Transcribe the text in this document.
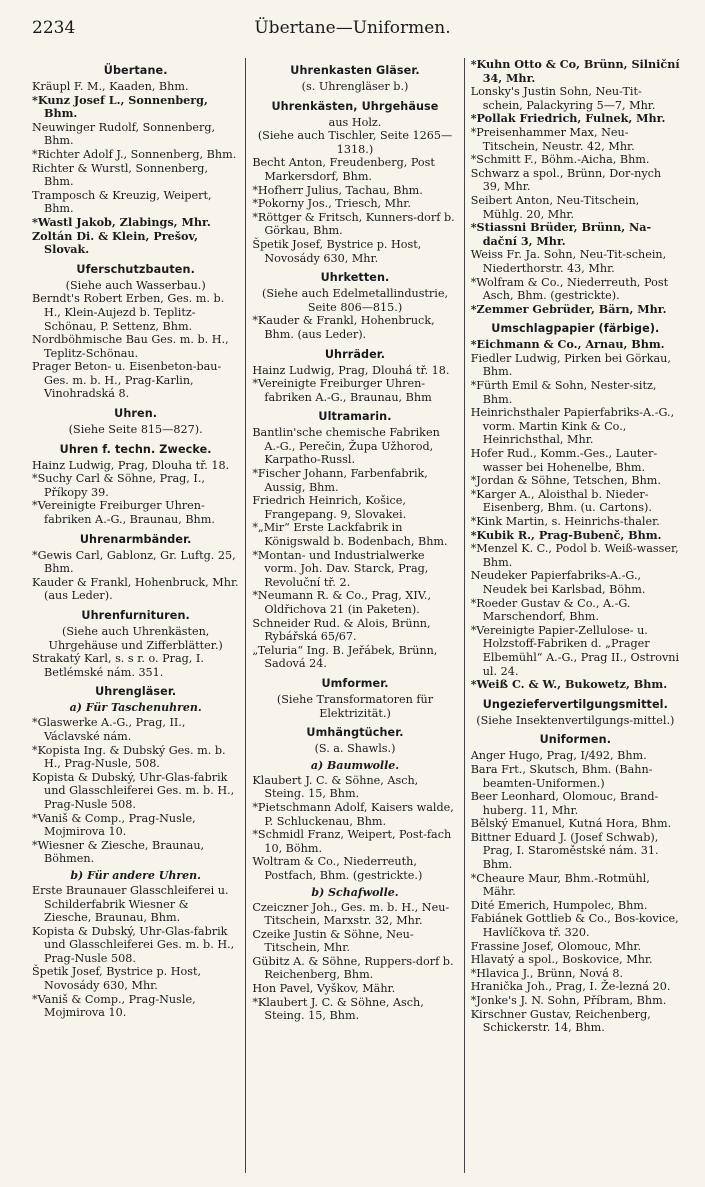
2234	Übertane—Uniformen.
Übertane.
Kräupl F. M., Kaaden, Bhm.
*Kunz Josef L., Sonnenberg, Bhm.
Neuwinger Rudolf, Sonnenberg, Bhm.
*Richter Adolf J., Sonnenberg, Bhm.
Richter & Wurstl, Sonnenberg, Bhm.
Tramposch & Kreuzig, Weipert, Bhm.
*Wastl Jakob, Zlabings, Mhr.
Zoltán Di. & Klein, Prešov, Slovak.
Uferschutzbauten.
(Siehe auch Wasserbau.)
Berndt's Robert Erben, Ges. m. b. H., Klein-Aujezd b. Teplitz-Schönau, P. Settenz, Bhm.
Nordböhmische Bau Ges. m. b. H., Teplitz-Schönau.
Prager Beton- u. Eisenbeton-bau-Ges. m. b. H., Prag-Karlin, Vinohradská 8.
Uhren.
(Siehe Seite 815—827).
Uhren f. techn. Zwecke.
Hainz Ludwig, Prag, Dlouha tř. 18.
*Suchy Carl & Söhne, Prag, I., Příkopy 39.
*Vereinigte Freiburger Uhren-fabriken A.-G., Braunau, Bhm.
Uhrenarmbänder.
*Gewis Carl, Gablonz, Gr. Luftg. 25, Bhm.
Kauder & Frankl, Hohenbruck, Mhr. (aus Leder).
Uhrenfurnituren.
(Siehe auch Uhrenkästen, Uhrgehäuse und Zifferblätter.)
Strakatý Karl, s. s r. o. Prag, I. Betlémské nám. 351.
Uhrengläser.
a) Für Taschenuhren.
*Glaswerke A.-G., Prag, II., Václavské nám.
*Kopista Ing. & Dubský Ges. m. b. H., Prag-Nusle, 508.
Kopista & Dubský, Uhr-Glas-fabrik und Glasschleiferei Ges. m. b. H., Prag-Nusle 508.
*Vaniš & Comp., Prag-Nusle, Mojmirova 10.
*Wiesner & Ziesche, Braunau, Böhmen.
b) Für andere Uhren.
Erste Braunauer Glasschleiferei u. Schilderfabrik Wiesner & Ziesche, Braunau, Bhm.
Kopista & Dubský, Uhr-Glas-fabrik und Glasschleiferei Ges. m. b. H., Prag-Nusle 508.
Špetik Josef, Bystrice p. Host, Novosády 630, Mhr.
*Vaniš & Comp., Prag-Nusle, Mojmirova 10.
Uhrenkasten Gläser.
(s. Uhrengläser b.)
Uhrenkästen, Uhrgehäuse
aus Holz.
(Siehe auch Tischler, Seite 1265—1318.)
Becht Anton, Freudenberg, Post Markersdorf, Bhm.
*Hofherr Julius, Tachau, Bhm.
*Pokorny Jos., Triesch, Mhr.
*Röttger & Fritsch, Kunners-dorf b. Görkau, Bhm.
Špetik Josef, Bystrice p. Host, Novosády 630, Mhr.
Uhrketten.
(Siehe auch Edelmetallindustrie, Seite 806—815.)
*Kauder & Frankl, Hohenbruck, Bhm. (aus Leder).
Uhrräder.
Hainz Ludwig, Prag, Dlouhá tř. 18.
*Vereinigte Freiburger Uhren-fabriken A.-G., Braunau, Bhm
Ultramarin.
Bantlin'sche chemische Fabriken A.-G., Perečin, Župa Užhorod, Karpatho-Russl.
*Fischer Johann, Farbenfabrik, Aussig, Bhm.
Friedrich Heinrich, Košice, Frangepang. 9, Slovakei.
*„Mir“ Erste Lackfabrik in Königswald b. Bodenbach, Bhm.
*Montan- und Industrialwerke vorm. Joh. Dav. Starck, Prag, Revoluční tř. 2.
*Neumann R. & Co., Prag, XIV., Oldřichova 21 (in Paketen).
Schneider Rud. & Alois, Brünn, Rybářská 65/67.
„Teluria“ Ing. B. Jeřábek, Brünn, Sadová 24.
Umformer.
(Siehe Transformatoren für Elektrizität.)
Umhängtücher.
(S. a. Shawls.)
a) Baumwolle.
Klaubert J. C. & Söhne, Asch, Steing. 15, Bhm.
*Pietschmann Adolf, Kaisers walde, P. Schluckenau, Bhm.
*Schmidl Franz, Weipert, Post-fach 10, Böhm.
Woltram & Co., Niederreuth, Postfach, Bhm. (gestrickte.)
b) Schafwolle.
Czeiczner Joh., Ges. m. b. H., Neu-Titschein, Marxstr. 32, Mhr.
Czeike Justin & Söhne, Neu-Titschein, Mhr.
Gübitz A. & Söhne, Ruppers-dorf b. Reichenberg, Bhm.
Hon Pavel, Vyškov, Mähr.
*Klaubert J. C. & Söhne, Asch, Steing. 15, Bhm.
*Kuhn Otto & Co, Brünn, Silniční 34, Mhr.
Lonsky's Justin Sohn, Neu-Tit-schein, Palackyring 5—7, Mhr.
*Pollak Friedrich, Fulnek, Mhr.
*Preisenhammer Max, Neu-Titschein, Neustr. 42, Mhr.
*Schmitt F., Böhm.-Aicha, Bhm.
Schwarz a spol., Brünn, Dor-nych 39, Mhr.
Seibert Anton, Neu-Titschein, Mühlg. 20, Mhr.
*Stiassni Brüder, Brünn, Na-dační 3, Mhr.
Weiss Fr. Ja. Sohn, Neu-Tit-schein, Niederthorstr. 43, Mhr.
*Wolfram & Co., Niederreuth, Post Asch, Bhm. (gestrickte).
*Zemmer Gebrüder, Bärn, Mhr.
Umschlagpapier (färbige).
*Eichmann & Co., Arnau, Bhm.
Fiedler Ludwig, Pirken bei Görkau, Bhm.
*Fürth Emil & Sohn, Nester-sitz, Bhm.
Heinrichsthaler Papierfabriks-A.-G., vorm. Martin Kink & Co., Heinrichsthal, Mhr.
Hofer Rud., Komm.-Ges., Lauter-wasser bei Hohenelbe, Bhm.
*Jordan & Söhne, Tetschen, Bhm.
*Karger A., Aloisthal b. Nieder-Eisenberg, Bhm. (u. Cartons).
*Kink Martin, s. Heinrichs-thaler.
*Kubik R., Prag-Bubenč, Bhm.
*Menzel K. C., Podol b. Weiß-wasser, Bhm.
Neudeker Papierfabriks-A.-G., Neudek bei Karlsbad, Böhm.
*Roeder Gustav & Co., A.-G. Marschendorf, Bhm.
*Vereinigte Papier-Zellulose- u. Holzstoff-Fabriken d. „Prager Elbemühl“ A.-G., Prag II., Ostrovni ul. 24.
*Weiß C. & W., Bukowetz, Bhm.
Ungeziefervertilgungsmittel.
(Siehe Insektenvertilgungs-mittel.)
Uniformen.
Anger Hugo, Prag, I/492, Bhm.
Bara Frt., Skutsch, Bhm. (Bahn-beamten-Uniformen.)
Beer Leonhard, Olomouc, Brand-huberg. 11, Mhr.
Bělský Emanuel, Kutná Hora, Bhm.
Bittner Eduard J. (Josef Schwab), Prag, I. Staroměstské nám. 31. Bhm.
*Cheaure Maur, Bhm.-Rotmühl, Mähr.
Dité Emerich, Humpolec, Bhm.
Fabiánek Gottlieb & Co., Bos-kovice, Havlíčkova tř. 320.
Frassine Josef, Olomouc, Mhr.
Hlavatý a spol., Boskovice, Mhr.
*Hlavica J., Brünn, Nová 8.
Hranička Joh., Prag, I. Že-lezná 20.
*Jonke's J. N. Sohn, Příbram, Bhm.
Kirschner Gustav, Reichenberg, Schickerstr. 14, Bhm.
